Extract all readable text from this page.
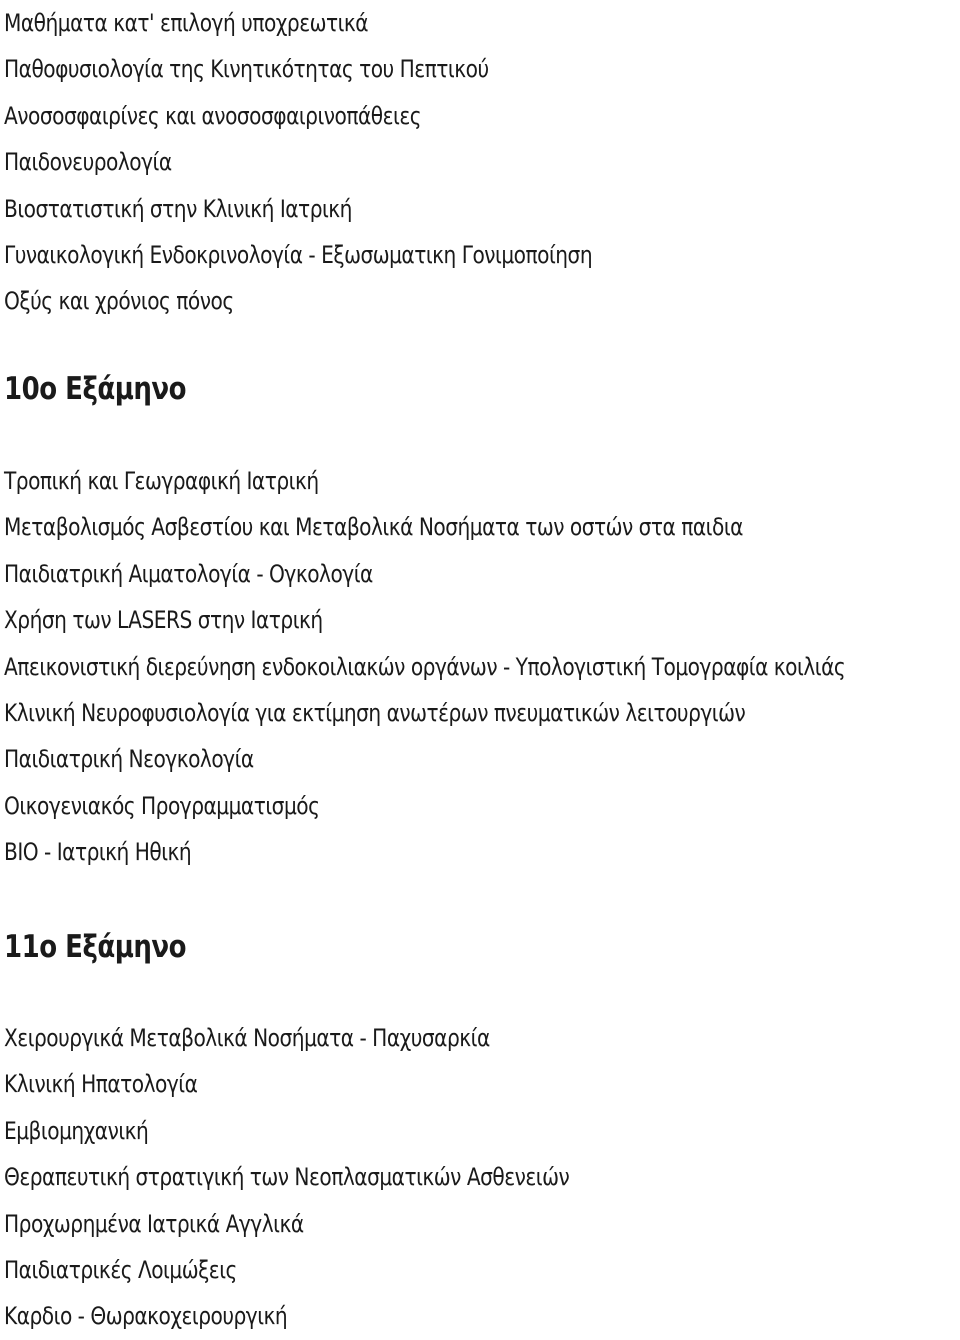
Μαθήματα κατ' επιλογή υποχρεωτικά
Παθοφυσιολογία της Κινητικότητας του Πεπτικού
Ανοσοσφαιρίνες και ανοσοσφαιρινοπάθειες
Παιδονευρολογία
Βιοστατιστική στην Κλινική Ιατρική
Γυναικολογική Ενδοκρινολογία - Εξωσωματικη Γονιμοποίηση
Οξύς και χρόνιος πόνος
10ο Εξάμηνο
Τροπική και Γεωγραφική Ιατρική
Μεταβολισμός Ασβεστίου και Μεταβολικά Νοσήματα των οστών στα παιδια
Παιδιατρική Αιματολογία - Ογκολογία
Χρήση των LASERS στην Ιατρική
Απεικονιστική διερεύνηση ενδοκοιλιακών οργάνων - Υπολογιστική Τομογραφία κοιλιάς
Κλινική Νευροφυσιολογία για εκτίμηση ανωτέρων πνευματικών λειτουργιών
Παιδιατρική Νεογκολογία
Οικογενιακός Προγραμματισμός
ΒΙΟ - Ιατρική Ηθική
11ο Εξάμηνο
Χειρουργικά Μεταβολικά Νοσήματα - Παχυσαρκία
Κλινική Ηπατολογία
Εμβιομηχανική
Θεραπευτική στρατιγική των Νεοπλασματικών Ασθενειών
Προχωρημένα Ιατρικά Αγγλικά
Παιδιατρικές Λοιμώξεις
Καρδιο - Θωρακοχειρουργική
